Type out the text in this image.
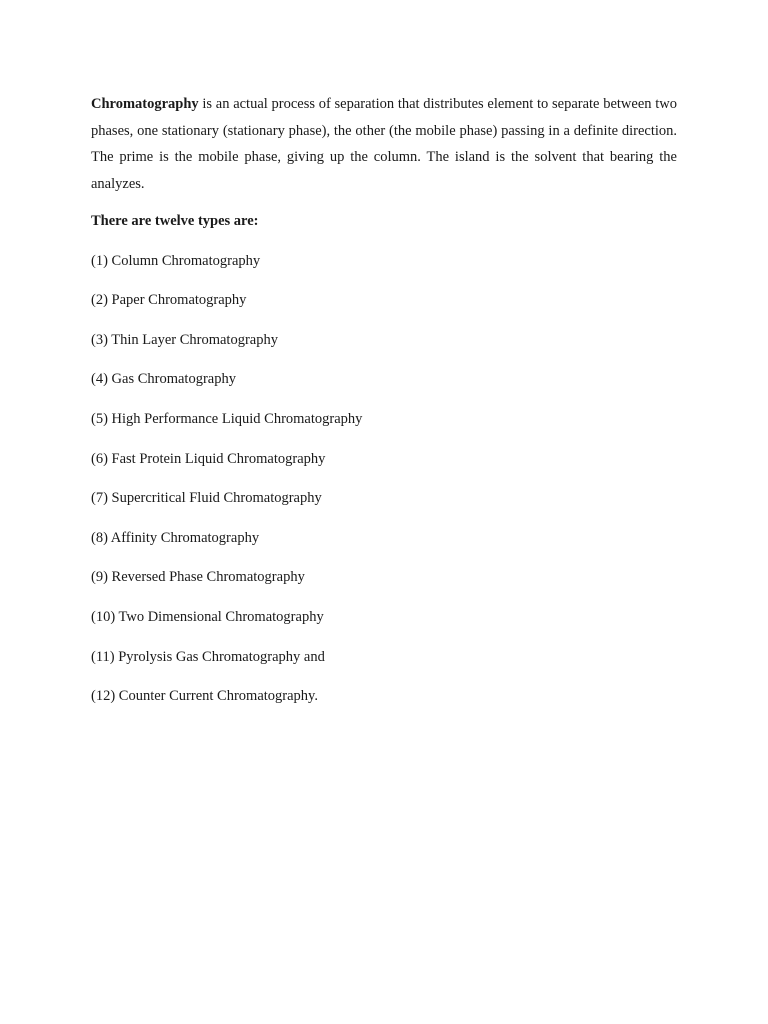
Chromatography is an actual process of separation that distributes element to separate between two phases, one stationary (stationary phase), the other (the mobile phase) passing in a definite direction. The prime is the mobile phase, giving up the column. The island is the solvent that bearing the analyzes.

There are twelve types are:

(1) Column Chromatography
(2) Paper Chromatography
(3) Thin Layer Chromatography
(4) Gas Chromatography
(5) High Performance Liquid Chromatography
(6) Fast Protein Liquid Chromatography
(7) Supercritical Fluid Chromatography
(8) Affinity Chromatography
(9) Reversed Phase Chromatography
(10) Two Dimensional Chromatography
(11) Pyrolysis Gas Chromatography and
(12) Counter Current Chromatography.
